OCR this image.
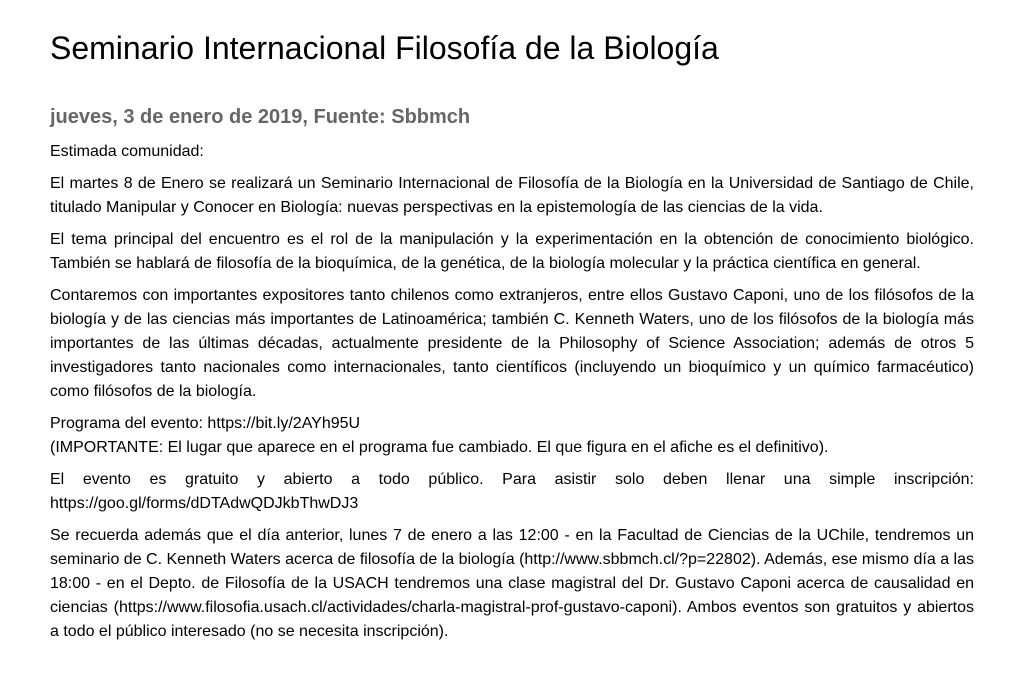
Seminario Internacional Filosofía de la Biología
jueves, 3 de enero de 2019, Fuente: Sbbmch

Estimada comunidad:

El martes 8 de Enero se realizará un Seminario Internacional de Filosofía de la Biología en la Universidad de Santiago de Chile, titulado Manipular y Conocer en Biología: nuevas perspectivas en la epistemología de las ciencias de la vida.

El tema principal del encuentro es el rol de la manipulación y la experimentación en la obtención de conocimiento biológico. También se hablará de filosofía de la bioquímica, de la genética, de la biología molecular y la práctica científica en general.

Contaremos con importantes expositores tanto chilenos como extranjeros, entre ellos Gustavo Caponi, uno de los filósofos de la biología y de las ciencias más importantes de Latinoamérica; también C. Kenneth Waters, uno de los filósofos de la biología más importantes de las últimas décadas, actualmente presidente de la Philosophy of Science Association; además de otros 5 investigadores tanto nacionales como internacionales, tanto científicos (incluyendo un bioquímico y un químico farmacéutico) como filósofos de la biología.

Programa del evento: https://bit.ly/2AYh95U
(IMPORTANTE: El lugar que aparece en el programa fue cambiado. El que figura en el afiche es el definitivo).

El evento es gratuito y abierto a todo público. Para asistir solo deben llenar una simple inscripción: https://goo.gl/forms/dDTAdwQDJkbThwDJ3

Se recuerda además que el día anterior, lunes 7 de enero a las 12:00 - en la Facultad de Ciencias de la UChile, tendremos un seminario de C. Kenneth Waters acerca de filosofía de la biología (http://www.sbbmch.cl/?p=22802). Además, ese mismo día a las 18:00 - en el Depto. de Filosofía de la USACH tendremos una clase magistral del Dr. Gustavo Caponi acerca de causalidad en ciencias (https://www.filosofia.usach.cl/actividades/charla-magistral-prof-gustavo-caponi). Ambos eventos son gratuitos y abiertos a todo el público interesado (no se necesita inscripción).
